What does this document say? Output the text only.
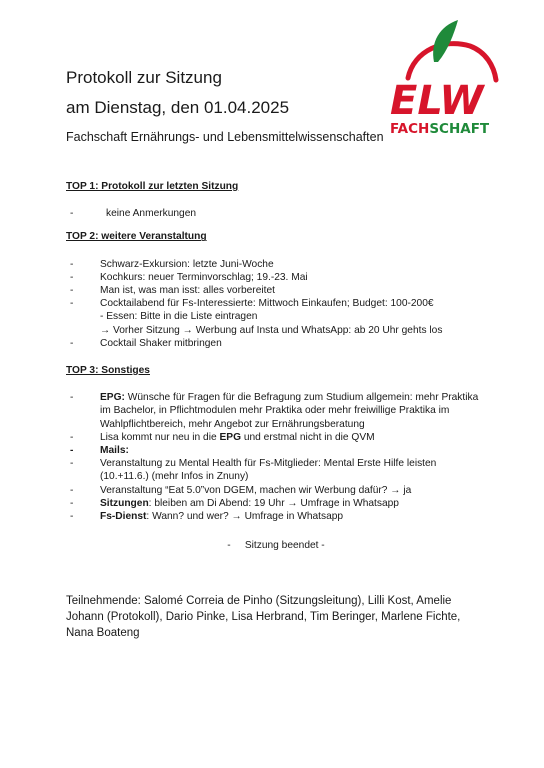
Protokoll zur Sitzung
am Dienstag, den 01.04.2025
Fachschaft Ernährungs- und Lebensmittelwissenschaften
ELW
FACHSCHAFT

TOP 1: Protokoll zur letzten Sitzung

- keine Anmerkungen

TOP 2: weitere Veranstaltung

- Schwarz-Exkursion: letzte Juni-Woche
- Kochkurs: neuer Terminvorschlag; 19.-23. Mai
- Man ist, was man isst: alles vorbereitet
- Cocktailabend für Fs-Interessierte: Mittwoch Einkaufen; Budget: 100-200€
- Essen: Bitte in die Liste eintragen
→ Vorher Sitzung → Werbung auf Insta und WhatsApp: ab 20 Uhr gehts los
- Cocktail Shaker mitbringen

TOP 3: Sonstiges

- EPG: Wünsche für Fragen für die Befragung zum Studium allgemein: mehr Praktika im Bachelor, in Pflichtmodulen mehr Praktika oder mehr freiwillige Praktika im Wahlpflichtbereich, mehr Angebot zur Ernährungsberatung
- Lisa kommt nur neu in die EPG und erstmal nicht in die QVM
- Mails:
- Veranstaltung zu Mental Health für Fs-Mitglieder: Mental Erste Hilfe leisten (10.+11.6.) (mehr Infos in Znuny)
- Veranstaltung “Eat 5.0”von DGEM, machen wir Werbung dafür? → ja
- Sitzungen: bleiben am Di Abend: 19 Uhr → Umfrage in Whatsapp
- Fs-Dienst: Wann? und wer? → Umfrage in Whatsapp
-     Sitzung beendet -
Teilnehmende: Salomé Correia de Pinho (Sitzungsleitung), Lilli Kost, Amelie Johann (Protokoll), Dario Pinke, Lisa Herbrand, Tim Beringer, Marlene Fichte, Nana Boateng
